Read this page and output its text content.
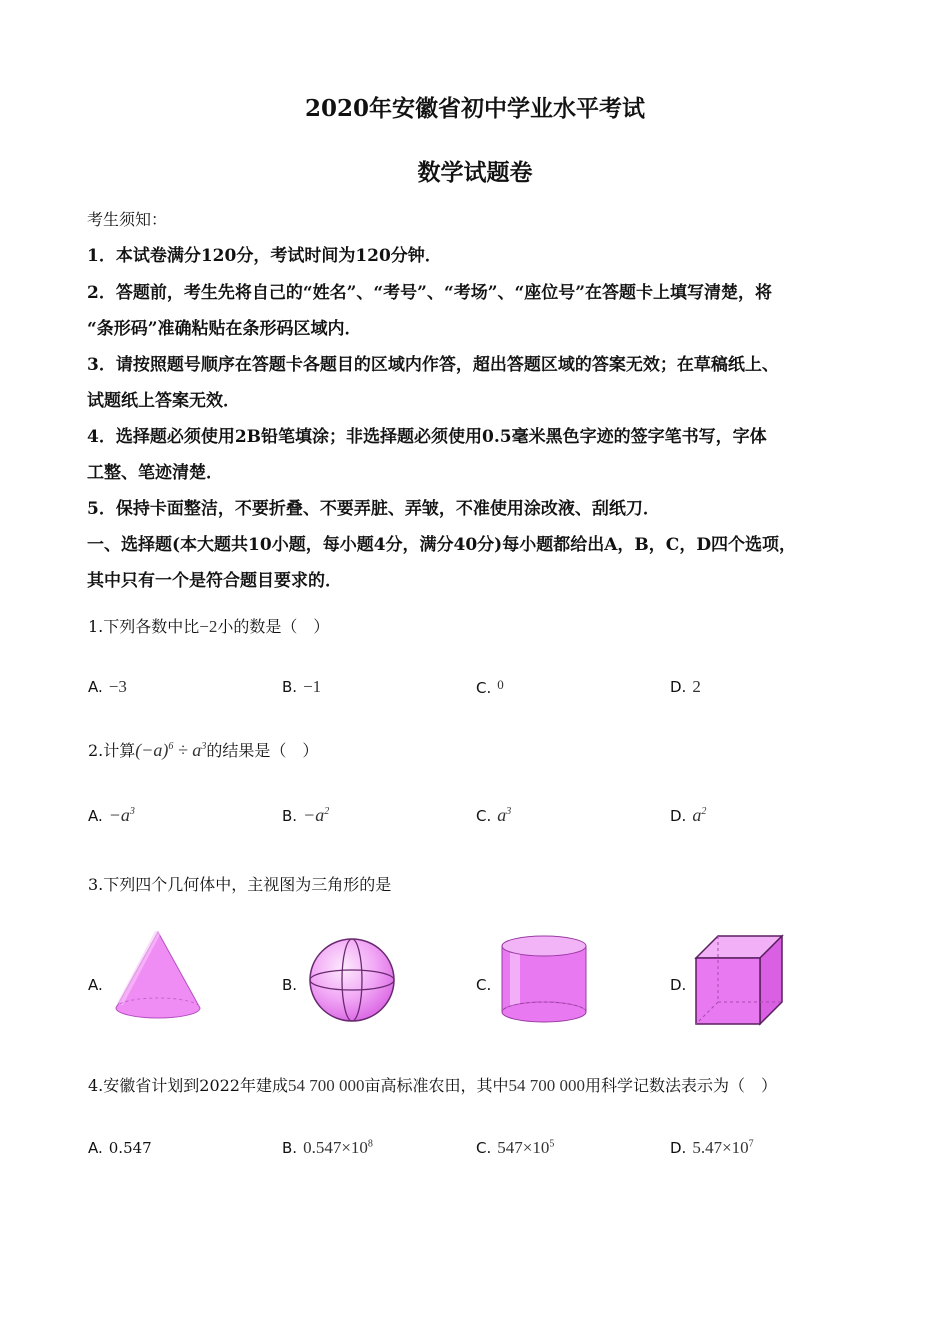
2020年安徽省初中学业水平考试
数学试题卷
考生须知：
1．本试卷满分120分，考试时间为120分钟．
2．答题前，考生先将自己的“姓名”、“考号”、“考场”、“座位号”在答题卡上填写清楚，将
“条形码”准确粘贴在条形码区域内．
3．请按照题号顺序在答题卡各题目的区域内作答，超出答题区域的答案无效；在草稿纸上、
试题纸上答案无效．
4．选择题必须使用2B铅笔填涂；非选择题必须使用0.5毫米黑色字迹的签字笔书写，字体
工整、笔迹清楚．
5．保持卡面整洁，不要折叠、不要弄脏、弄皱，不准使用涂改液、刮纸刀．
一、选择题(本大题共10小题，每小题4分，满分40分)每小题都给出A，B，C，D四个选项，
其中只有一个是符合题目要求的．
1.下列各数中比−2小的数是（　）
A. −3	B. −1	C. $^0$	D. 2
2.计算$(-a)^6 \div a^3$的结果是（　）
A. $-a^3$	B. $-a^2$	C. $a^3$	D. $a^2$
3.下列四个几何体中，主视图为三角形的是
A.	B.	C.	D.
4.安徽省计划到2022年建成54 700 000亩高标准农田，其中54 700 000用科学记数法表示为（　）
A. 0.547	B. $0.547\times 10^8$	C. $547\times 10^5$	D. $5.47\times 10^7$
